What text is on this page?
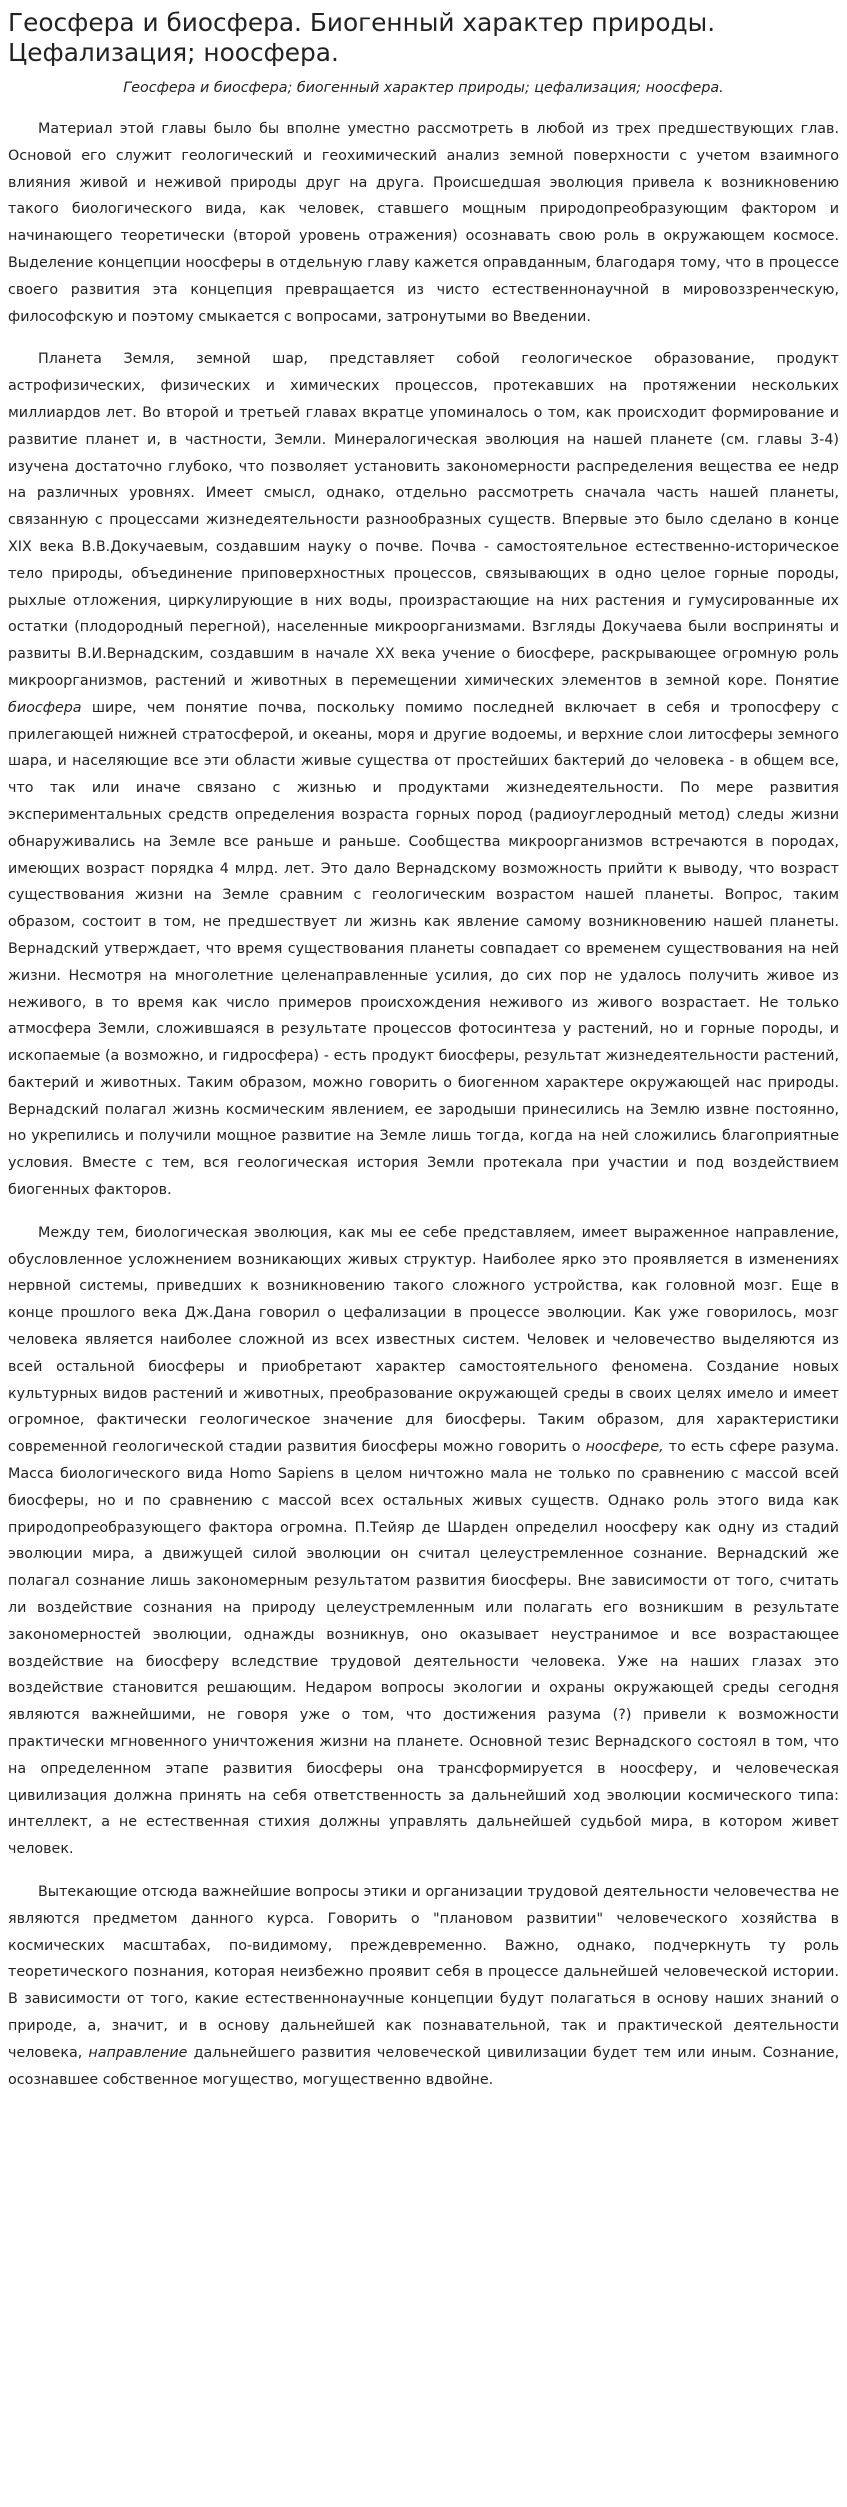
Геосфера и биосфера. Биогенный характер природы. Цефализация; ноосфера.
Геосфера и биосфера; биогенный характер природы; цефализация; ноосфера.

Материал этой главы было бы вполне уместно рассмотреть в любой из трех предшествующих глав. Основой его служит геологический и геохимический анализ земной поверхности с учетом взаимного влияния живой и неживой природы друг на друга. Происшедшая эволюция привела к возникновению такого биологического вида, как человек, ставшего мощным природопреобразующим фактором и начинающего теоретически (второй уровень отражения) осознавать свою роль в окружающем космосе. Выделение концепции ноосферы в отдельную главу кажется оправданным, благодаря тому, что в процессе своего развития эта концепция превращается из чисто естественнонаучной в мировоззренческую, философскую и поэтому смыкается с вопросами, затронутыми во Введении.

Планета Земля, земной шар, представляет собой геологическое образование, продукт астрофизических, физических и химических процессов, протекавших на протяжении нескольких миллиардов лет. Во второй и третьей главах вкратце упоминалось о том, как происходит формирование и развитие планет и, в частности, Земли. Минералогическая эволюция на нашей планете (см. главы 3-4) изучена достаточно глубоко, что позволяет установить закономерности распределения вещества ее недр на различных уровнях. Имеет смысл, однако, отдельно рассмотреть сначала часть нашей планеты, связанную с процессами жизнедеятельности разнообразных существ. Впервые это было сделано в конце XIX века В.В.Докучаевым, создавшим науку о почве. Почва - самостоятельное естественно-историческое тело природы, объединение приповерхностных процессов, связывающих в одно целое горные породы, рыхлые отложения, циркулирующие в них воды, произрастающие на них растения и гумусированные их остатки (плодородный перегной), населенные микроорганизмами. Взгляды Докучаева были восприняты и развиты В.И.Вернадским, создавшим в начале XX века учение о биосфере, раскрывающее огромную роль микроорганизмов, растений и животных в перемещении химических элементов в земной коре. Понятие биосфера шире, чем понятие почва, поскольку помимо последней включает в себя и тропосферу с прилегающей нижней стратосферой, и океаны, моря и другие водоемы, и верхние слои литосферы земного шара, и населяющие все эти области живые существа от простейших бактерий до человека - в общем все, что так или иначе связано с жизнью и продуктами жизнедеятельности. По мере развития экспериментальных средств определения возраста горных пород (радиоуглеродный метод) следы жизни обнаруживались на Земле все раньше и раньше. Сообщества микроорганизмов встречаются в породах, имеющих возраст порядка 4 млрд. лет. Это дало Вернадскому возможность прийти к выводу, что возраст существования жизни на Земле сравним с геологическим возрастом нашей планеты. Вопрос, таким образом, состоит в том, не предшествует ли жизнь как явление самому возникновению нашей планеты. Вернадский утверждает, что время существования планеты совпадает со временем существования на ней жизни. Несмотря на многолетние целенаправленные усилия, до сих пор не удалось получить живое из неживого, в то время как число примеров происхождения неживого из живого возрастает. Не только атмосфера Земли, сложившаяся в результате процессов фотосинтеза у растений, но и горные породы, и ископаемые (а возможно, и гидросфера) - есть продукт биосферы, результат жизнедеятельности растений, бактерий и животных. Таким образом, можно говорить о биогенном характере окружающей нас природы. Вернадский полагал жизнь космическим явлением, ее зародыши принесились на Землю извне постоянно, но укрепились и получили мощное развитие на Земле лишь тогда, когда на ней сложились благоприятные условия. Вместе с тем, вся геологическая история Земли протекала при участии и под воздействием биогенных факторов.

Между тем, биологическая эволюция, как мы ее себе представляем, имеет выраженное направление, обусловленное усложнением возникающих живых структур. Наиболее ярко это проявляется в изменениях нервной системы, приведших к возникновению такого сложного устройства, как головной мозг. Еще в конце прошлого века Дж.Дана говорил о цефализации в процессе эволюции. Как уже говорилось, мозг человека является наиболее сложной из всех известных систем. Человек и человечество выделяются из всей остальной биосферы и приобретают характер самостоятельного феномена. Создание новых культурных видов растений и животных, преобразование окружающей среды в своих целях имело и имеет огромное, фактически геологическое значение для биосферы. Таким образом, для характеристики современной геологической стадии развития биосферы можно говорить о ноосфере, то есть сфере разума. Масса биологического вида Homo Sapiens в целом ничтожно мала не только по сравнению с массой всей биосферы, но и по сравнению с массой всех остальных живых существ. Однако роль этого вида как природопреобразующего фактора огромна. П.Тейяр де Шарден определил ноосферу как одну из стадий эволюции мира, а движущей силой эволюции он считал целеустремленное сознание. Вернадский же полагал сознание лишь закономерным результатом развития биосферы. Вне зависимости от того, считать ли воздействие сознания на природу целеустремленным или полагать его возникшим в результате закономерностей эволюции, однажды возникнув, оно оказывает неустранимое и все возрастающее воздействие на биосферу вследствие трудовой деятельности человека. Уже на наших глазах это воздействие становится решающим. Недаром вопросы экологии и охраны окружающей среды сегодня являются важнейшими, не говоря уже о том, что достижения разума (?) привели к возможности практически мгновенного уничтожения жизни на планете. Основной тезис Вернадского состоял в том, что на определенном этапе развития биосферы она трансформируется в ноосферу, и человеческая цивилизация должна принять на себя ответственность за дальнейший ход эволюции космического типа: интеллект, а не естественная стихия должны управлять дальнейшей судьбой мира, в котором живет человек.

Вытекающие отсюда важнейшие вопросы этики и организации трудовой деятельности человечества не являются предметом данного курса. Говорить о "плановом развитии" человеческого хозяйства в космических масштабах, по-видимому, преждевременно. Важно, однако, подчеркнуть ту роль теоретического познания, которая неизбежно проявит себя в процессе дальнейшей человеческой истории. В зависимости от того, какие естественнонаучные концепции будут полагаться в основу наших знаний о природе, а, значит, и в основу дальнейшей как познавательной, так и практической деятельности человека, направление дальнейшего развития человеческой цивилизации будет тем или иным. Сознание, осознавшее собственное могущество, могущественно вдвойне.
